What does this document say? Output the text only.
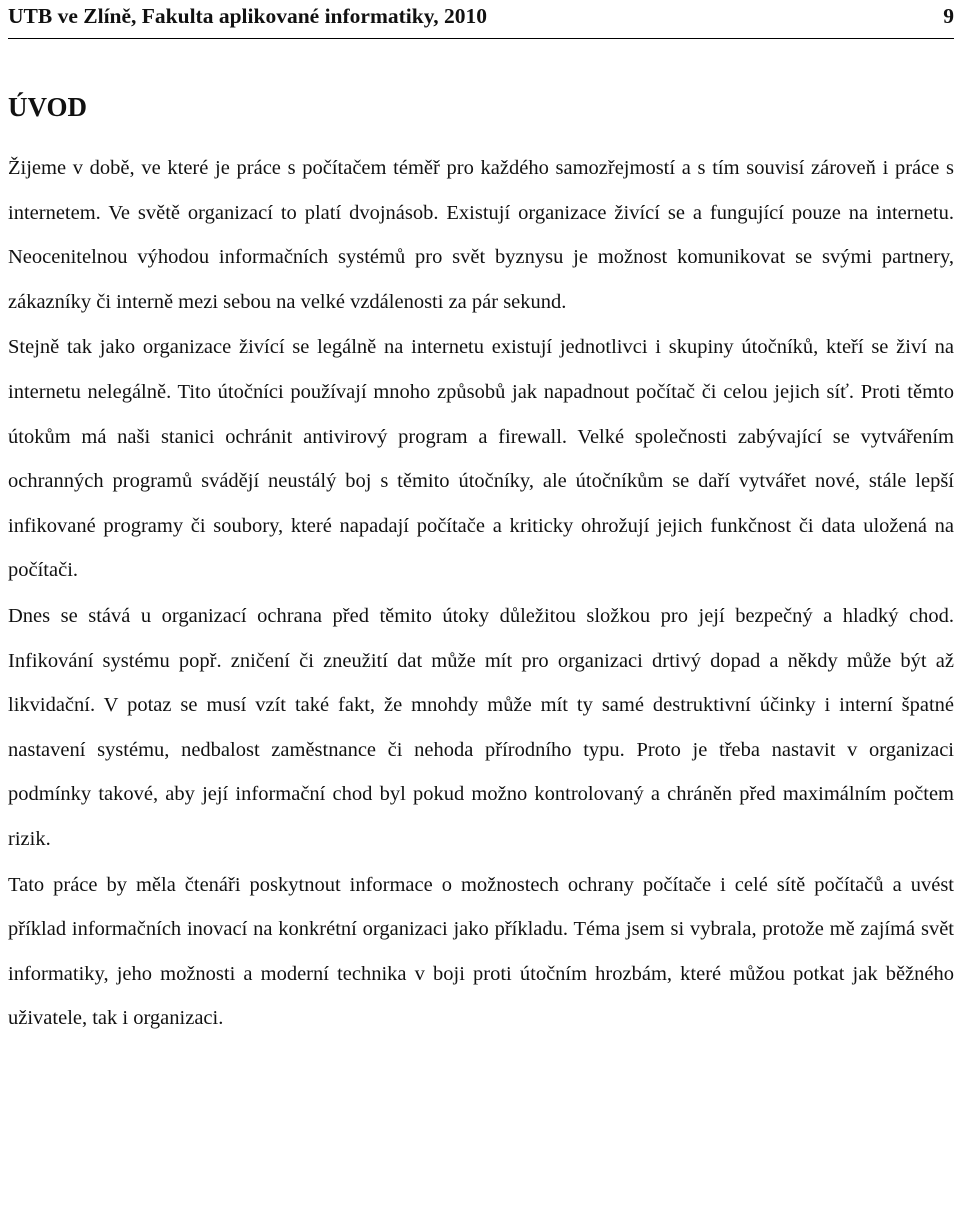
UTB ve Zlíně, Fakulta aplikované informatiky, 2010	9
ÚVOD

Žijeme v době, ve které je práce s počítačem téměř pro každého samozřejmostí a s tím souvisí zároveň i práce s internetem. Ve světě organizací to platí dvojnásob. Existují organizace živící se a fungující pouze na internetu. Neocenitelnou výhodou informačních systémů pro svět byznysu je možnost komunikovat se svými partnery, zákazníky či interně mezi sebou na velké vzdálenosti za pár sekund.

Stejně tak jako organizace živící se legálně na internetu existují jednotlivci i skupiny útočníků, kteří se živí na internetu nelegálně. Tito útočníci používají mnoho způsobů jak napadnout počítač či celou jejich síť. Proti těmto útokům má naši stanici ochránit antivirový program a firewall. Velké společnosti zabývající se vytvářením ochranných programů svádějí neustálý boj s těmito útočníky, ale útočníkům se daří vytvářet nové, stále lepší infikované programy či soubory, které napadají počítače a kriticky ohrožují jejich funkčnost či data uložená na počítači.

Dnes se stává u organizací ochrana před těmito útoky důležitou složkou pro její bezpečný a hladký chod. Infikování systému popř. zničení či zneužití dat může mít pro organizaci drtivý dopad a někdy může být až likvidační. V potaz se musí vzít také fakt, že mnohdy může mít ty samé destruktivní účinky i interní špatné nastavení systému, nedbalost zaměstnance či nehoda přírodního typu. Proto je třeba nastavit v organizaci podmínky takové, aby její informační chod byl pokud možno kontrolovaný a chráněn před maximálním počtem rizik.

Tato práce by měla čtenáři poskytnout informace o možnostech ochrany počítače i celé sítě počítačů a uvést příklad informačních inovací na konkrétní organizaci jako příkladu. Téma jsem si vybrala, protože mě zajímá svět informatiky, jeho možnosti a moderní technika v boji proti útočním hrozbám, které můžou potkat jak běžného uživatele, tak i organizaci.
